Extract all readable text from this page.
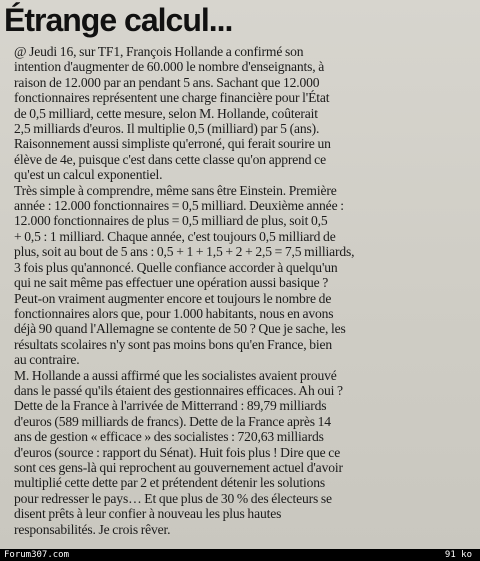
Étrange calcul...

@ Jeudi 16, sur TF1, François Hollande a confirmé son
intention d'augmenter de 60.000 le nombre d'enseignants, à
raison de 12.000 par an pendant 5 ans. Sachant que 12.000
fonctionnaires représentent une charge financière pour l'État
de 0,5 milliard, cette mesure, selon M. Hollande, coûterait
2,5 milliards d'euros. Il multiplie 0,5 (milliard) par 5 (ans).
Raisonnement aussi simpliste qu'erroné, qui ferait sourire un
élève de 4e, puisque c'est dans cette classe qu'on apprend ce
qu'est un calcul exponentiel.

Très simple à comprendre, même sans être Einstein. Première
année : 12.000 fonctionnaires = 0,5 milliard. Deuxième année :
12.000 fonctionnaires de plus = 0,5 milliard de plus, soit 0,5
+ 0,5 : 1 milliard. Chaque année, c'est toujours 0,5 milliard de
plus, soit au bout de 5 ans : 0,5 + 1 + 1,5 + 2 + 2,5 = 7,5 milliards,
3 fois plus qu'annoncé. Quelle confiance accorder à quelqu'un
qui ne sait même pas effectuer une opération aussi basique ?
Peut-on vraiment augmenter encore et toujours le nombre de
fonctionnaires alors que, pour 1.000 habitants, nous en avons
déjà 90 quand l'Allemagne se contente de 50 ? Que je sache, les
résultats scolaires n'y sont pas moins bons qu'en France, bien
au contraire.

M. Hollande a aussi affirmé que les socialistes avaient prouvé
dans le passé qu'ils étaient des gestionnaires efficaces. Ah oui ?
Dette de la France à l'arrivée de Mitterrand : 89,79 milliards
d'euros (589 milliards de francs). Dette de la France après 14
ans de gestion « efficace » des socialistes : 720,63 milliards
d'euros (source : rapport du Sénat). Huit fois plus ! Dire que ce
sont ces gens-là qui reprochent au gouvernement actuel d'avoir
multiplié cette dette par 2 et prétendent détenir les solutions
pour redresser le pays… Et que plus de 30 % des électeurs se
disent prêts à leur confier à nouveau les plus hautes
responsabilités. Je crois rêver.

Forum307.com	91 ko
